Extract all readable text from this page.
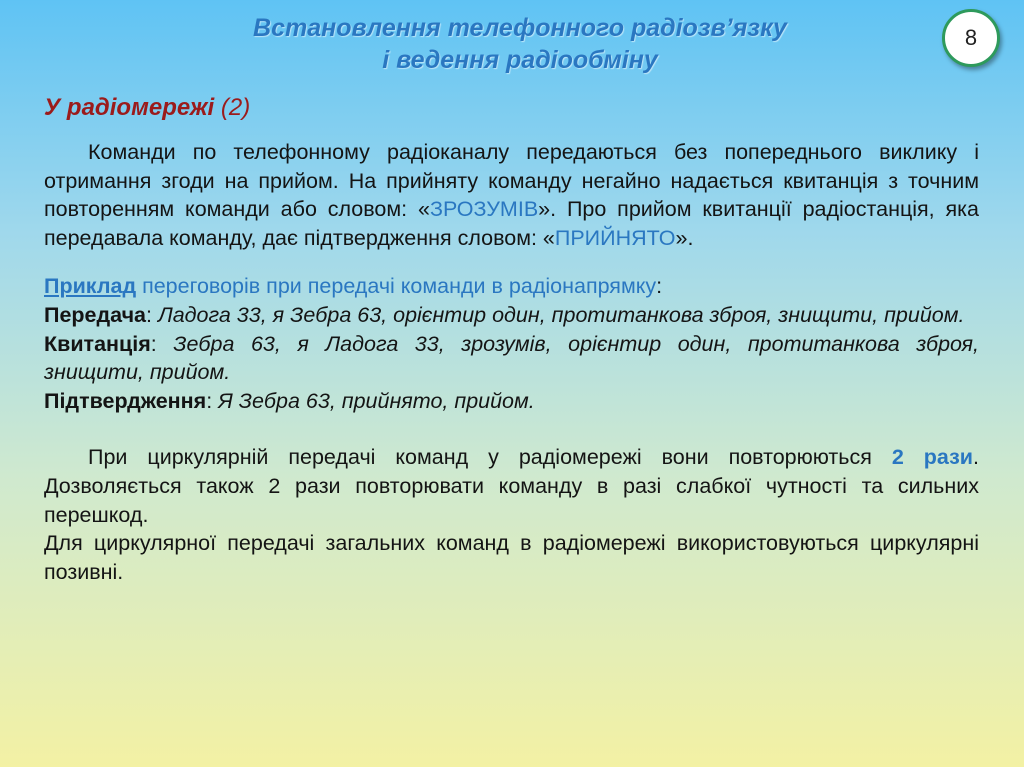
Встановлення телефонного радіозв’язку
і ведення радіообміну
8
У радіомережі (2)

Команди по телефонному радіоканалу передаються без попереднього виклику і отримання згоди на прийом. На прийняту команду негайно надається квитанція з точним повторенням команди або словом: «ЗРОЗУМІВ». Про прийом квитанції радіостанція, яка передавала команду, дає підтвердження словом: «ПРИЙНЯТО».

Приклад переговорів при передачі команди в радіонапрямку:

Передача: Ладога 33, я Зебра 63, орієнтир один, протитанкова зброя, знищити, прийом.

Квитанція: Зебра 63, я Ладога 33, зрозумів, орієнтир один, протитанкова зброя, знищити, прийом.

Підтвердження: Я Зебра 63, прийнято, прийом.

При циркулярній передачі команд у радіомережі вони повторюються 2 рази. Дозволяється також 2 рази повторювати команду в разі слабкої чутності та сильних перешкод.

Для циркулярної передачі загальних команд в радіомережі використовуються циркулярні позивні.
